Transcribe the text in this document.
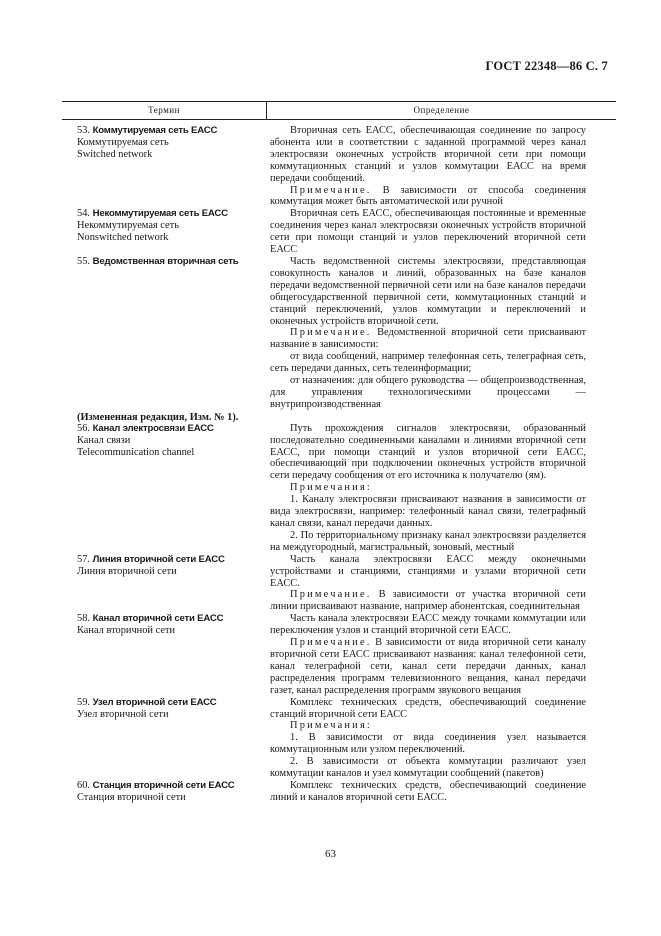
ГОСТ 22348—86 С. 7
Термин	Определение
53. Коммутируемая сеть ЕАСС
Коммутируемая сеть
Switched network

Вторичная сеть ЕАСС, обеспечивающая соединение по запросу абонента или в соответствии с заданной программой через канал электросвязи оконечных устройств вторичной сети при помощи коммутационных станций и узлов коммутации ЕАСС на время передачи сообщений.

Примечание. В зависимости от способа соединения коммутация может быть автоматической или ручной

54. Некоммутируемая сеть ЕАСС
Некоммутируемая сеть
Nonswitched network

Вторичная сеть ЕАСС, обеспечивающая постоянные и временные соединения через канал электросвязи оконечных устройств вторичной сети при помощи станций и узлов переключений вторичной сети ЕАСС

55. Ведомственная вторичная сеть	Часть ведомственной системы электросвязи, представляющая совокупность каналов и линий, образованных на базе каналов передачи ведомственной первичной сети или на базе каналов передачи общегосударственной первичной сети, коммутационных станций и станций переключений, узлов коммутации и переключений и оконечных устройств вторичной сети.

Примечание. Ведомственной вторичной сети присваивают название в зависимости:

от вида сообщений, например телефонная сеть, телеграфная сеть, сеть передачи данных, сеть телеинформации;

от назначения: для общего руководства — общепроизводственная, для управления технологическими процессами — внутрипроизводственная

(Измененная редакция, Изм. № 1).
56. Канал электросвязи ЕАСС
Канал связи
Telecommunication channel

Путь прохождения сигналов электросвязи, образованный последовательно соединенными каналами и линиями вторичной сети ЕАСС, при помощи станций и узлов вторичной сети ЕАСС, обеспечивающий при подключении оконечных устройств вторичной сети передачу сообщения от его источника к получателю (ям).

Примечания:

1. Каналу электросвязи присваивают названия в зависимости от вида электросвязи, например: телефонный канал связи, телеграфный канал связи, канал передачи данных.

2. По территориальному признаку канал электросвязи разделяется на междугородный, магистральный, зоновый, местный

57. Линия вторичной сети ЕАСС
Линия вторичной сети

Часть канала электросвязи ЕАСС между оконечными устройствами и станциями, станциями и узлами вторичной сети ЕАСС.

Примечание. В зависимости от участка вторичной сети линии присваивают название, например абонентская, соединительная

58. Канал вторичной сети ЕАСС
Канал вторичной сети

Часть канала электросвязи ЕАСС между точками коммутации или переключения узлов и станций вторичной сети ЕАСС.

Примечание. В зависимости от вида вторичной сети каналу вторичной сети ЕАСС присваивают названия: канал телефонной сети, канал телеграфной сети, канал сети передачи данных, канал распределения программ телевизионного вещания, канал передачи газет, канал распределения программ звукового вещания

59. Узел вторичной сети ЕАСС
Узел вторичной сети

Комплекс технических средств, обеспечивающий соединение станций вторичной сети ЕАСС

Примечания:

1. В зависимости от вида соединения узел называется коммутационным или узлом переключений.

2. В зависимости от объекта коммутации различают узел коммутации каналов и узел коммутации сообщений (пакетов)

60. Станция вторичной сети ЕАСС
Станция вторичной сети

Комплекс технических средств, обеспечивающий соединение линий и каналов вторичной сети ЕАСС.

63
